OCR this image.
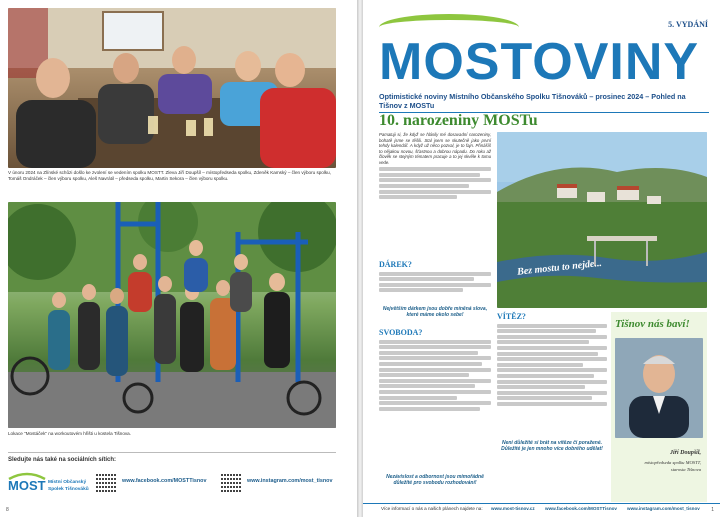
V únoru 2024 na Zlínské schůzi došlo ke zvolení se vedením spolku MOSTT. Zleva Jiří Doupšíl – místopředseda spolku, Zdeněk Kamský – člen výboru spolku, Tomáš Ondráček – člen výboru spolku, Aleš Navrátil – předseda spolku, Martin Sekora – člen výboru spolku.
Lokace "Mostáček" na workoutovém hřišti u kostela Tišnova.
Sledujte nás také na sociálních sítích:
MOST Místní Občanský
Spolek Tišnováků
www.facebook.com/MOSTTisnov	www.instagram.com/most_tisnov
8
5. VYDÁNÍ
MOSTOVINY
Optimistické noviny Místního Občanského Spolku Tišnováků – prosinec 2024 – Pohled na Tišnov z MOSTu
10. narozeniny MOSTu
Pamatuji si, že když se hlásily mé dosavadní narozeniny, bohatě jsme se těšili. Stal jsem se skutečně jako první tehdy kalendář. A když už něco pozval, je to fajn. Přinášíš to nějakou novou, šťastnou a dobrou nápadu. Do roku až člověk se stejným tématem pracuje a to jej skvěle k tomu vede.
DÁREK?
Největším dárkem jsou dobře míněná slova, které máme okolo sebe!
SVOBODA?
Nezávislost a odbornost jsou mimořádně důležité pro svobodu rozhodování!
Bez mostu to nejde...
VÍTĚZ?
Neni důležité si brát na vítěze či poražené. Důležité je jen mnoho více dobrého udělat!
Tišnov nás baví!
Jiří Doupšíl,
místopředseda spolku MOSTT,
starosta Tišnova
Více informací o nás a našich plánech najdete na: www.most-tisnov.cz www.facebook.com/MOSTTisnov www.instagram.com/most_tisnov 1
